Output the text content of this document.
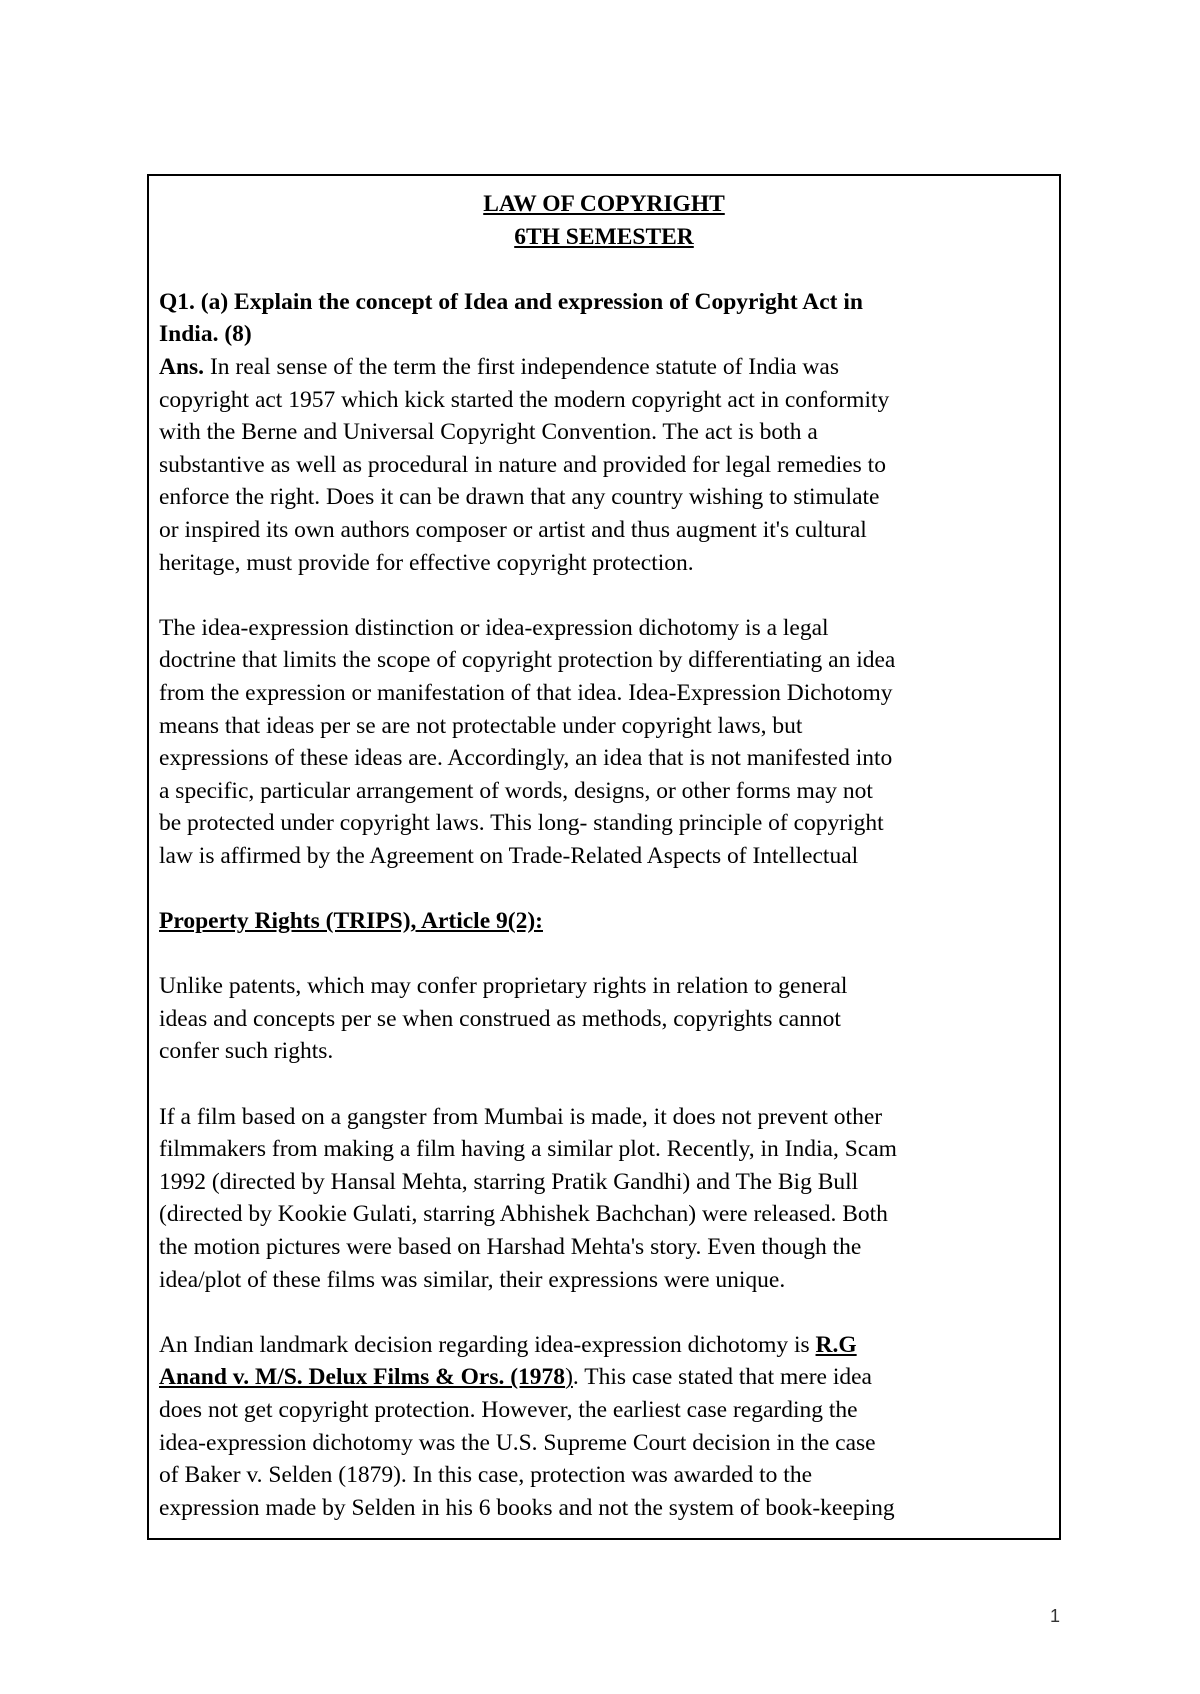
LAW OF COPYRIGHT
6TH SEMESTER
Q1. (a) Explain the concept of Idea and expression of Copyright Act in
India. (8)
Ans. In real sense of the term the first independence statute of India was
copyright act 1957 which kick started the modern copyright act in conformity
with the Berne and Universal Copyright Convention. The act is both a
substantive as well as procedural in nature and provided for legal remedies to
enforce the right. Does it can be drawn that any country wishing to stimulate
or inspired its own authors composer or artist and thus augment it's cultural
heritage, must provide for effective copyright protection.
The idea-expression distinction or idea-expression dichotomy is a legal
doctrine that limits the scope of copyright protection by differentiating an idea
from the expression or manifestation of that idea. Idea-Expression Dichotomy
means that ideas per se are not protectable under copyright laws, but
expressions of these ideas are. Accordingly, an idea that is not manifested into
a specific, particular arrangement of words, designs, or other forms may not
be protected under copyright laws. This long- standing principle of copyright
law is affirmed by the Agreement on Trade-Related Aspects of Intellectual
Property Rights (TRIPS), Article 9(2):
Unlike patents, which may confer proprietary rights in relation to general
ideas and concepts per se when construed as methods, copyrights cannot
confer such rights.
If a film based on a gangster from Mumbai is made, it does not prevent other
filmmakers from making a film having a similar plot. Recently, in India, Scam
1992 (directed by Hansal Mehta, starring Pratik Gandhi) and The Big Bull
(directed by Kookie Gulati, starring Abhishek Bachchan) were released. Both
the motion pictures were based on Harshad Mehta's story. Even though the
idea/plot of these films was similar, their expressions were unique.
An Indian landmark decision regarding idea-expression dichotomy is R.G
Anand v. M/S. Delux Films & Ors. (1978). This case stated that mere idea
does not get copyright protection. However, the earliest case regarding the
idea-expression dichotomy was the U.S. Supreme Court decision in the case
of Baker v. Selden (1879). In this case, protection was awarded to the
expression made by Selden in his 6 books and not the system of book-keeping
1
